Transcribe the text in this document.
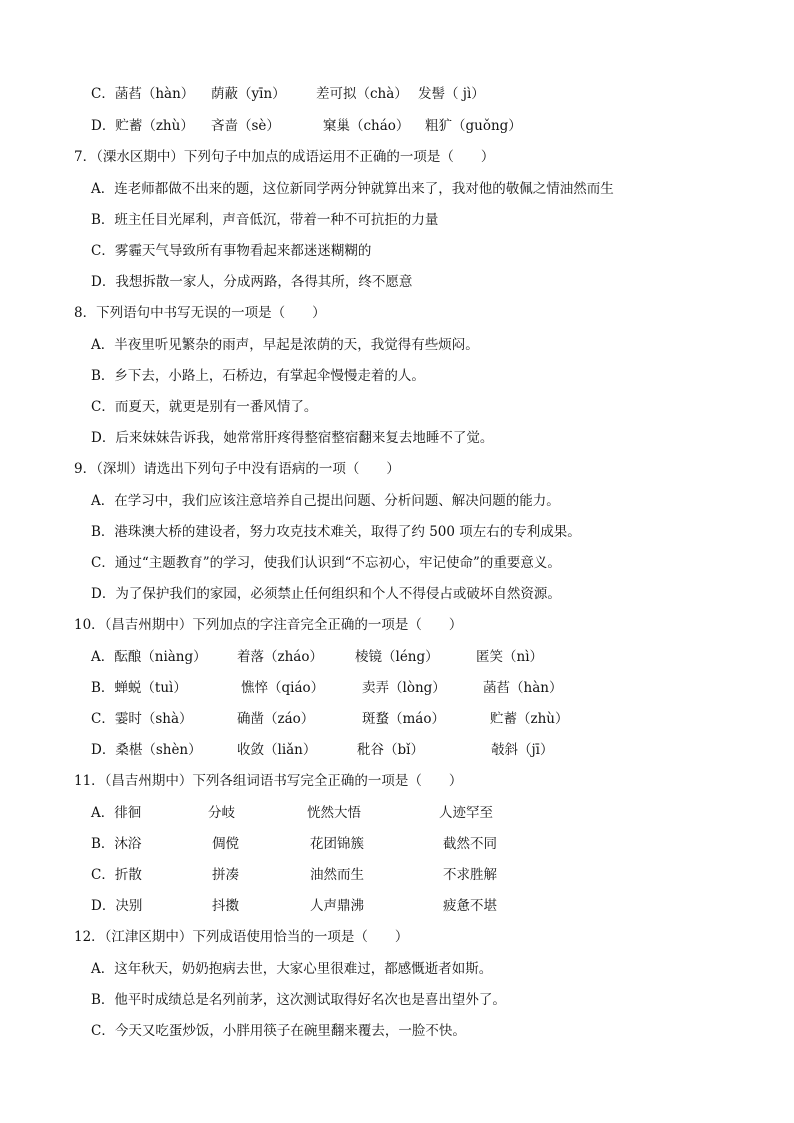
C．菡萏（hàn） 荫蔽（yīn） 差可拟（chà） 发髻（ jì）
D．贮蓄（zhù） 吝啬（sè）	窠巢（cháo） 粗犷（guǒng）
7．（溧水区期中）下列句子中加点的成语运用不正确的一项是（　　）
A．连老师都做不出来的题，这位新同学两分钟就算出来了，我对他的敬佩之情油然而生
B．班主任目光犀利，声音低沉，带着一种不可抗拒的力量
C．雾霾天气导致所有事物看起来都迷迷糊糊的
D．我想拆散一家人，分成两路，各得其所，终不愿意
8．下列语句中书写无误的一项是（　　）
A．半夜里听见繁杂的雨声，早起是浓荫的天，我觉得有些烦闷。
B．乡下去，小路上，石桥边，有掌起伞慢慢走着的人。
C．而夏天，就更是别有一番风情了。
D．后来妹妹告诉我，她常常肝疼得整宿整宿翻来复去地睡不了觉。
9．（深圳）请选出下列句子中没有语病的一项（　　）
A．在学习中，我们应该注意培养自己提出问题、分析问题、解决问题的能力。
B．港珠澳大桥的建设者，努力攻克技术难关，取得了约 500 项左右的专利成果。
C．通过“主题教育”的学习，使我们认识到“不忘初心，牢记使命”的重要意义。
D．为了保护我们的家园，必须禁止任何组织和个人不得侵占或破坏自然资源。
10．（昌吉州期中）下列加点的字注音完全正确的一项是（　　）
A．酝酿（niàng） 着落（zháo） 棱镜（léng）	匿笑（nì）
B．蝉蜕（tuì）	憔悴（qiáo）	卖弄（lòng）	菡萏（hàn）
C．霎时（shà）	确凿（záo）	斑蝥（máo）	贮蓄（zhù）
D．桑椹（shèn）	收敛（liǎn）	秕谷（bǐ）	攲斜（jī）
11．（昌吉州期中）下列各组词语书写完全正确的一项是（　　）
A．徘徊	分岐	恍然大悟	人迹罕至
B．沐浴	倜傥	花团锦簇	截然不同
C．折散	拼凑	油然而生	不求胜解
D．决别	抖擞	人声鼎沸	疲惫不堪
12．（江津区期中）下列成语使用恰当的一项是（　　）
A．这年秋天，奶奶抱病去世，大家心里很难过，都感慨逝者如斯。
B．他平时成绩总是名列前茅，这次测试取得好名次也是喜出望外了。
C．今天又吃蛋炒饭，小胖用筷子在碗里翻来覆去，一脸不快。
